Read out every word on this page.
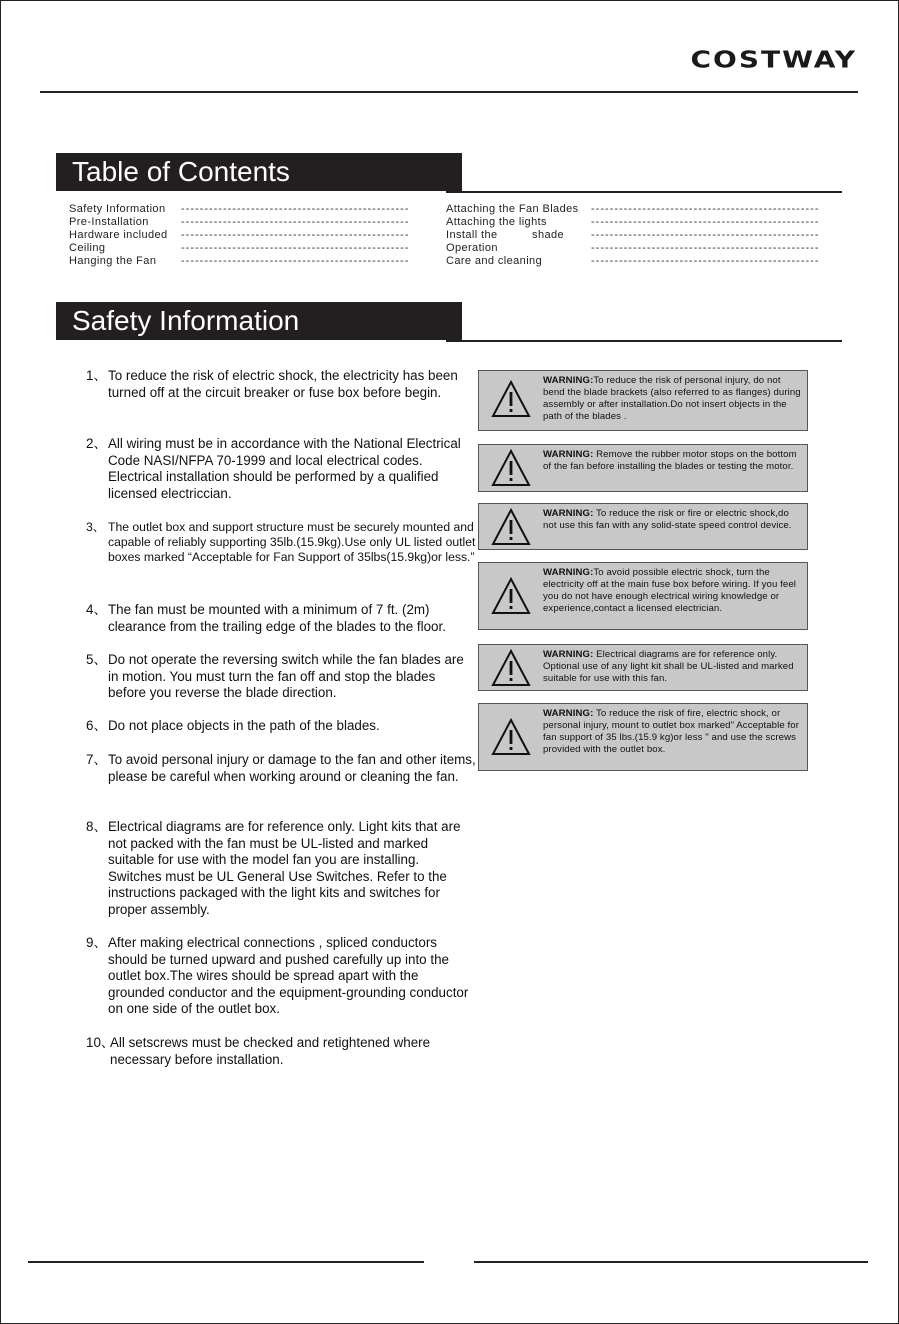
COSTWAY
Table of Contents
Safety Information -------------------------------------------------
Pre-Installation	-------------------------------------------------
Hardware included -------------------------------------------------
Ceiling	-------------------------------------------------
Hanging the Fan -------------------------------------------------
Attaching the Fan Blades -------------------------------------------------
Attaching the lights	-------------------------------------------------
Install the          shade -------------------------------------------------
Operation	-------------------------------------------------
Care and cleaning	-------------------------------------------------
Safety Information
1、 To reduce the risk of electric shock, the electricity has been turned off at the circuit breaker or fuse box before begin.
2、 All wiring must be in accordance with the National Electrical Code NASI/NFPA 70-1999 and local electrical codes. Electrical installation should be performed by a qualified licensed electriccian.
3、 The outlet box and support structure must be securely mounted and capable of reliably supporting 35lb.(15.9kg).Use only UL listed outlet boxes marked “Acceptable for Fan Support of 35lbs(15.9kg)or less.”
4、 The fan must be mounted with a minimum of 7 ft. (2m) clearance from the trailing edge of the blades to the floor.
5、 Do not operate the reversing switch while the fan blades are in motion. You must turn the fan off and stop the blades before you reverse the blade direction.
6、 Do not place objects in the path of the blades.
7、 To avoid personal injury or damage to the fan and other items, please be careful when working around or cleaning the fan.
8、 Electrical diagrams are for reference only. Light kits that are not packed with the fan must be UL-listed and marked suitable for use with the model fan you are installing. Switches must be UL General Use Switches. Refer to the instructions packaged with the light kits and switches for proper assembly.
9、 After making electrical connections , spliced conductors should be turned upward and pushed carefully up into the outlet box.The wires should be spread apart with the grounded conductor and the equipment-grounding conductor on one side of the outlet box.
10、
All setscrews must be checked and retightened where necessary before installation.
WARNING:To reduce the risk of personal injury, do not bend the blade brackets (also referred to as flanges) during assembly or after installation.Do not insert objects in the path of the blades .
WARNING: Remove the rubber motor stops on the bottom of the fan before installing the blades or testing the motor.
WARNING: To reduce the risk or fire or electric shock,do not use this fan with any solid-state speed control device.
WARNING:To avoid possible electric shock, turn the electricity off at the main fuse box before wiring. If you feel you do not have enough electrical wiring knowledge or experience,contact a licensed electrician.
WARNING: Electrical diagrams are for reference only. Optional use of any light kit shall be UL-listed and marked suitable for use with this fan.
WARNING: To reduce the risk of fire, electric shock, or personal injury, mount to outlet box marked" Acceptable for fan support of 35 lbs.(15.9 kg)or less " and use the screws provided with the outlet box.
